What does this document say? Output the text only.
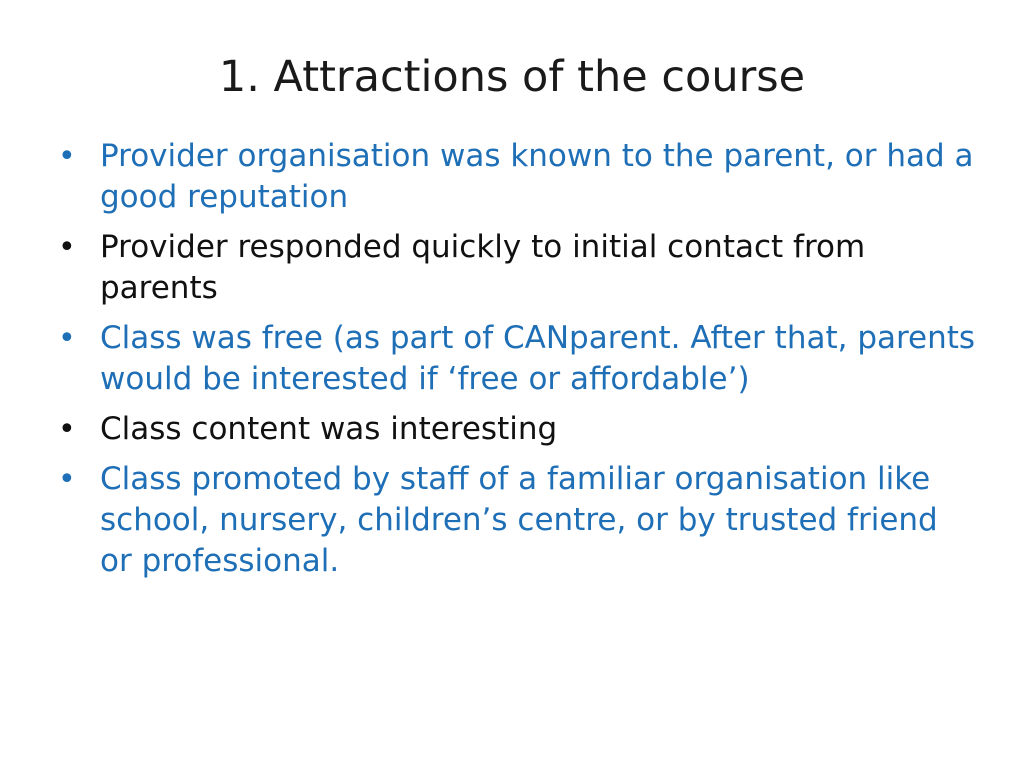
1. Attractions of the course
• Provider organisation was known to the parent, or had a good reputation
• Provider responded quickly to initial contact from parents
• Class was free (as part of CANparent. After that, parents would be interested if ‘free or affordable’)
• Class content was interesting
• Class promoted by staff of a familiar organisation like school, nursery, children’s centre, or by trusted friend or professional.
